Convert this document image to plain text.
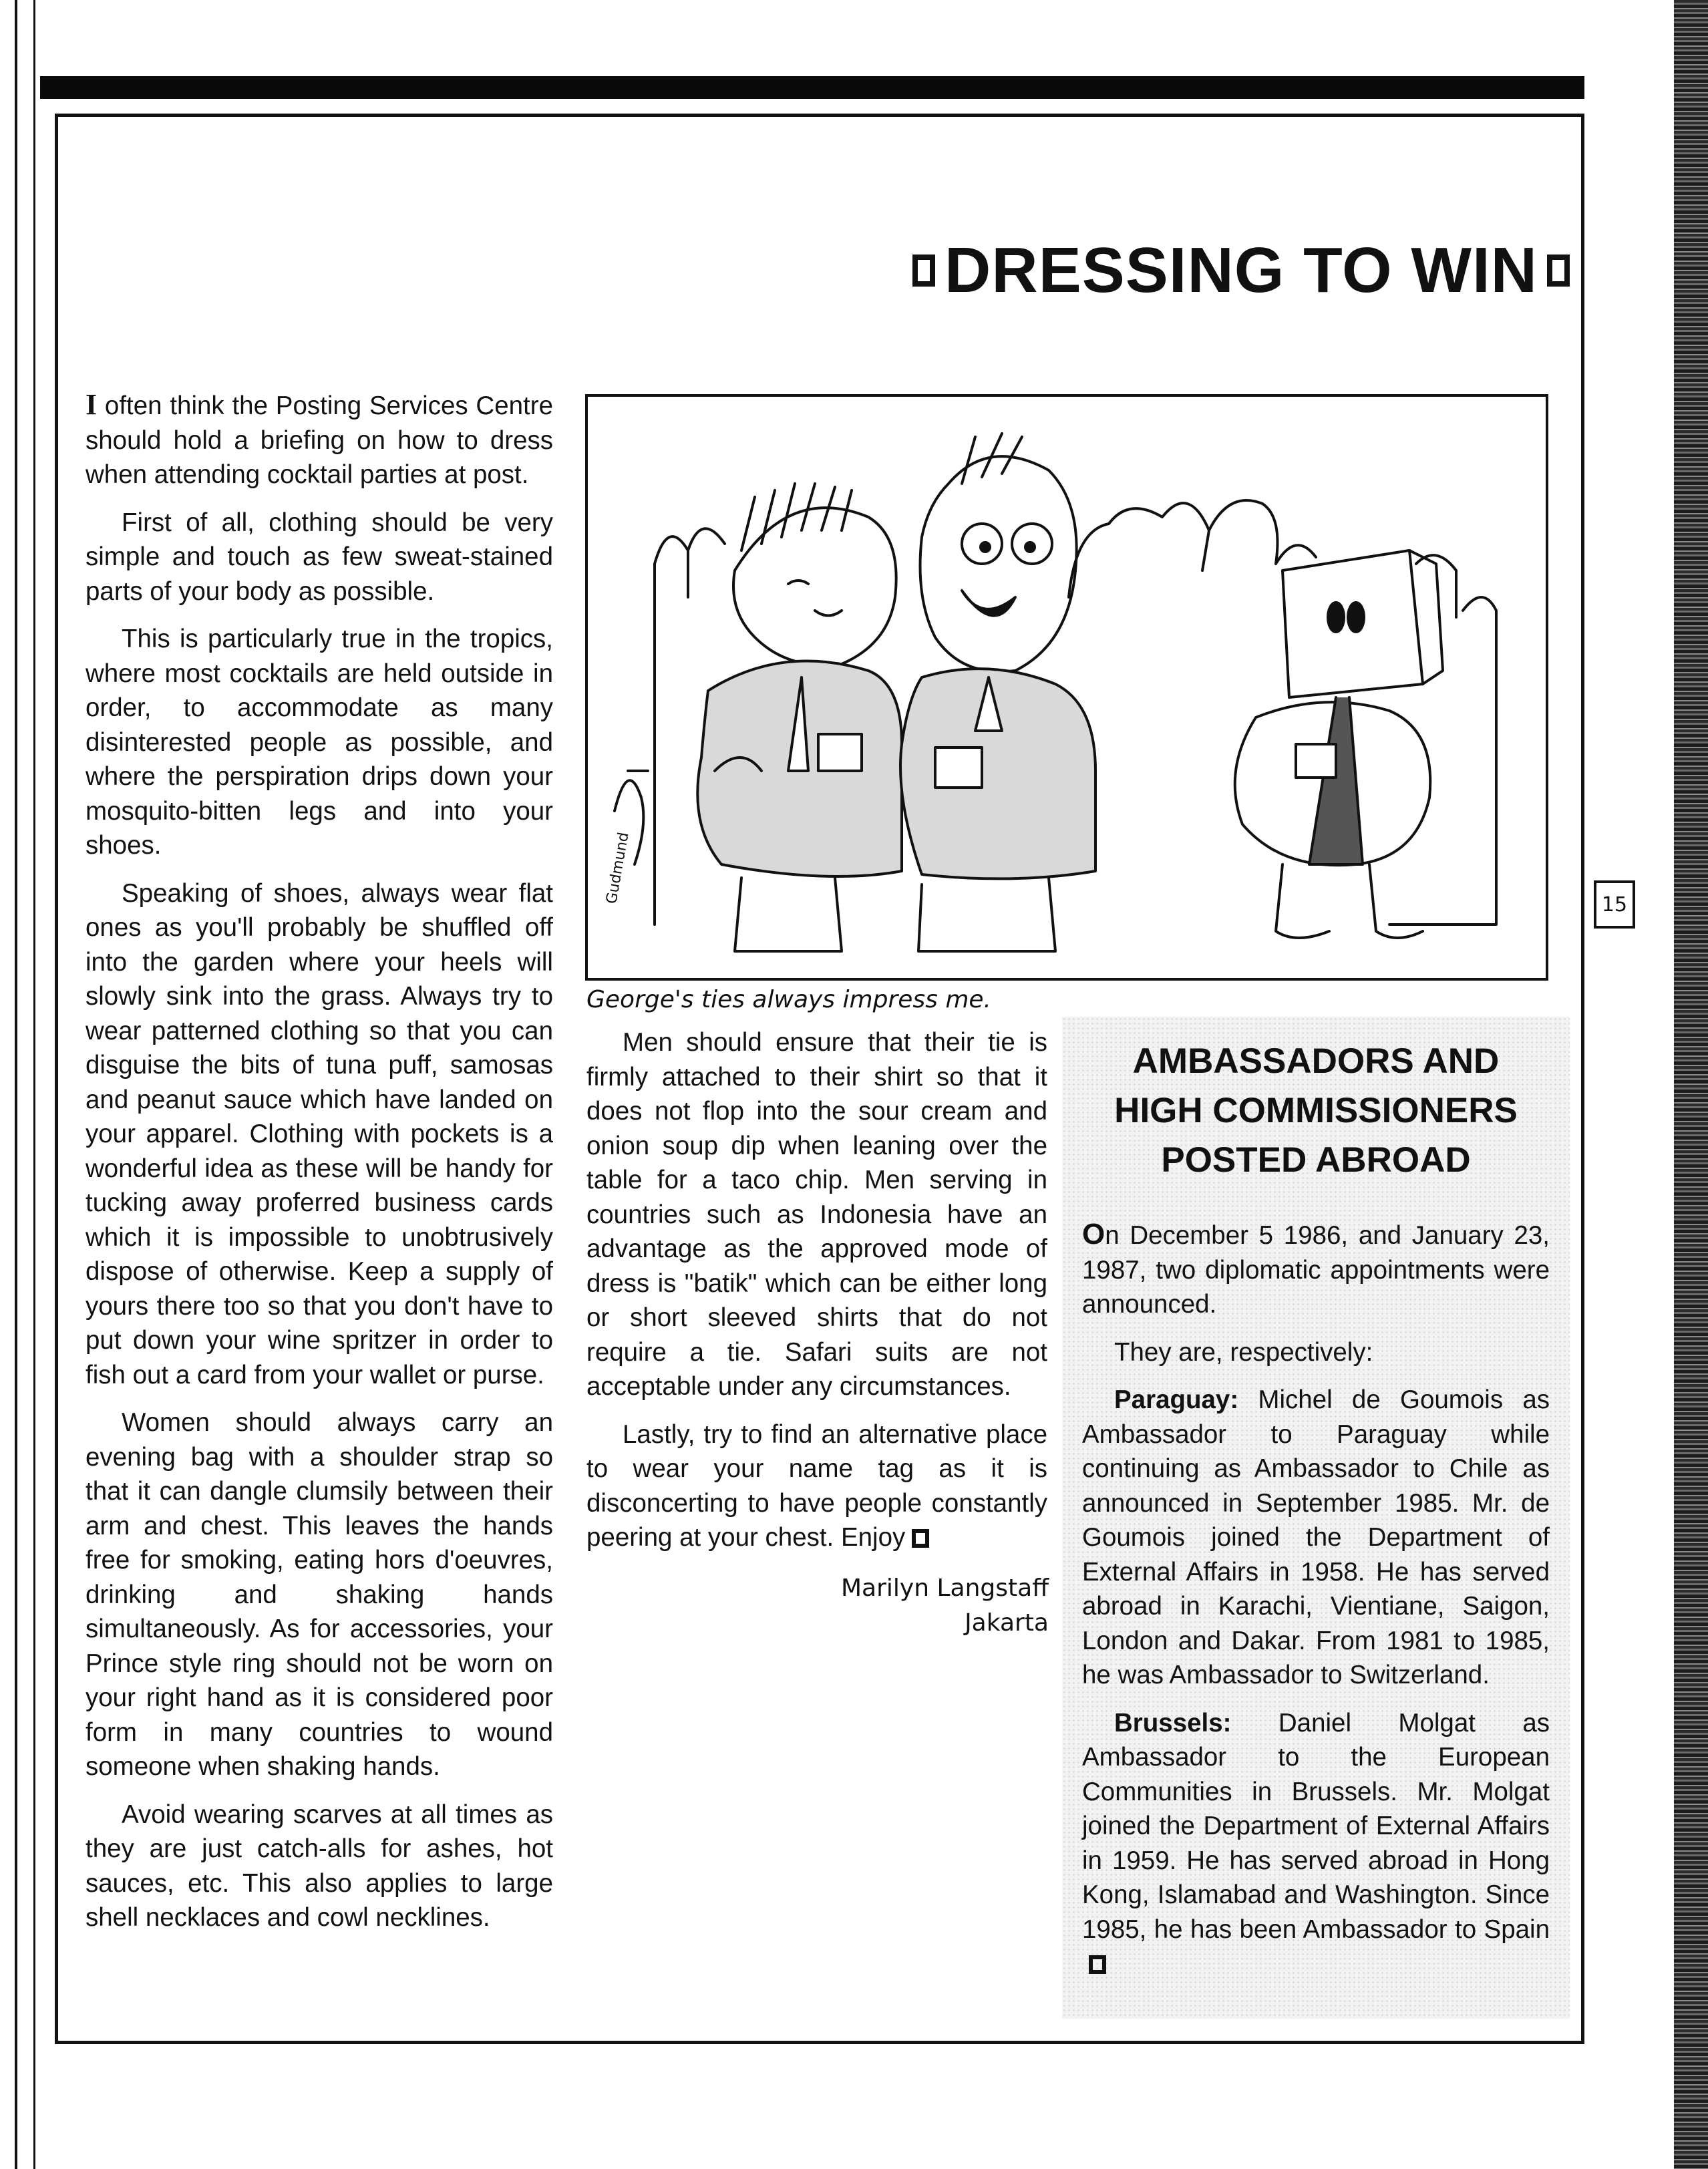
DRESSING TO WIN

I often think the Posting Services Centre should hold a briefing on how to dress when attending cocktail parties at post.

First of all, clothing should be very simple and touch as few sweat-stained parts of your body as possible.

This is particularly true in the tropics, where most cocktails are held outside in order, to accommodate as many disinterested people as possible, and where the perspiration drips down your mosquito-bitten legs and into your shoes.

Speaking of shoes, always wear flat ones as you'll probably be shuffled off into the garden where your heels will slowly sink into the grass. Always try to wear patterned clothing so that you can disguise the bits of tuna puff, samosas and peanut sauce which have landed on your apparel. Clothing with pockets is a wonderful idea as these will be handy for tucking away proferred business cards which it is impossible to unobtrusively dispose of otherwise. Keep a supply of yours there too so that you don't have to put down your wine spritzer in order to fish out a card from your wallet or purse.

Women should always carry an evening bag with a shoulder strap so that it can dangle clumsily between their arm and chest. This leaves the hands free for smoking, eating hors d'oeuvres, drinking and shaking hands simultaneously. As for accessories, your Prince style ring should not be worn on your right hand as it is considered poor form in many countries to wound someone when shaking hands.

Avoid wearing scarves at all times as they are just catch-alls for ashes, hot sauces, etc. This also applies to large shell necklaces and cowl necklines.

Gudmund
George's ties always impress me.

Men should ensure that their tie is firmly attached to their shirt so that it does not flop into the sour cream and onion soup dip when leaning over the table for a taco chip. Men serving in countries such as Indonesia have an advantage as the approved mode of dress is "batik" which can be either long or short sleeved shirts that do not require a tie. Safari suits are not acceptable under any circumstances.

Lastly, try to find an alternative place to wear your name tag as it is disconcerting to have people constantly peering at your chest. Enjoy

Marilyn Langstaff
Jakarta
15
AMBASSADORS AND
HIGH COMMISSIONERS
POSTED ABROAD

On December 5 1986, and January 23, 1987, two diplomatic appointments were announced.

They are, respectively:

Paraguay: Michel de Goumois as Ambassador to Paraguay while continuing as Ambassador to Chile as announced in September 1985. Mr. de Goumois joined the Department of External Affairs in 1958. He has served abroad in Karachi, Vientiane, Saigon, London and Dakar. From 1981 to 1985, he was Ambassador to Switzerland.

Brussels: Daniel Molgat as Ambassador to the European Communities in Brussels. Mr. Molgat joined the Department of External Affairs in 1959. He has served abroad in Hong Kong, Islamabad and Washington. Since 1985, he has been Ambassador to Spain
